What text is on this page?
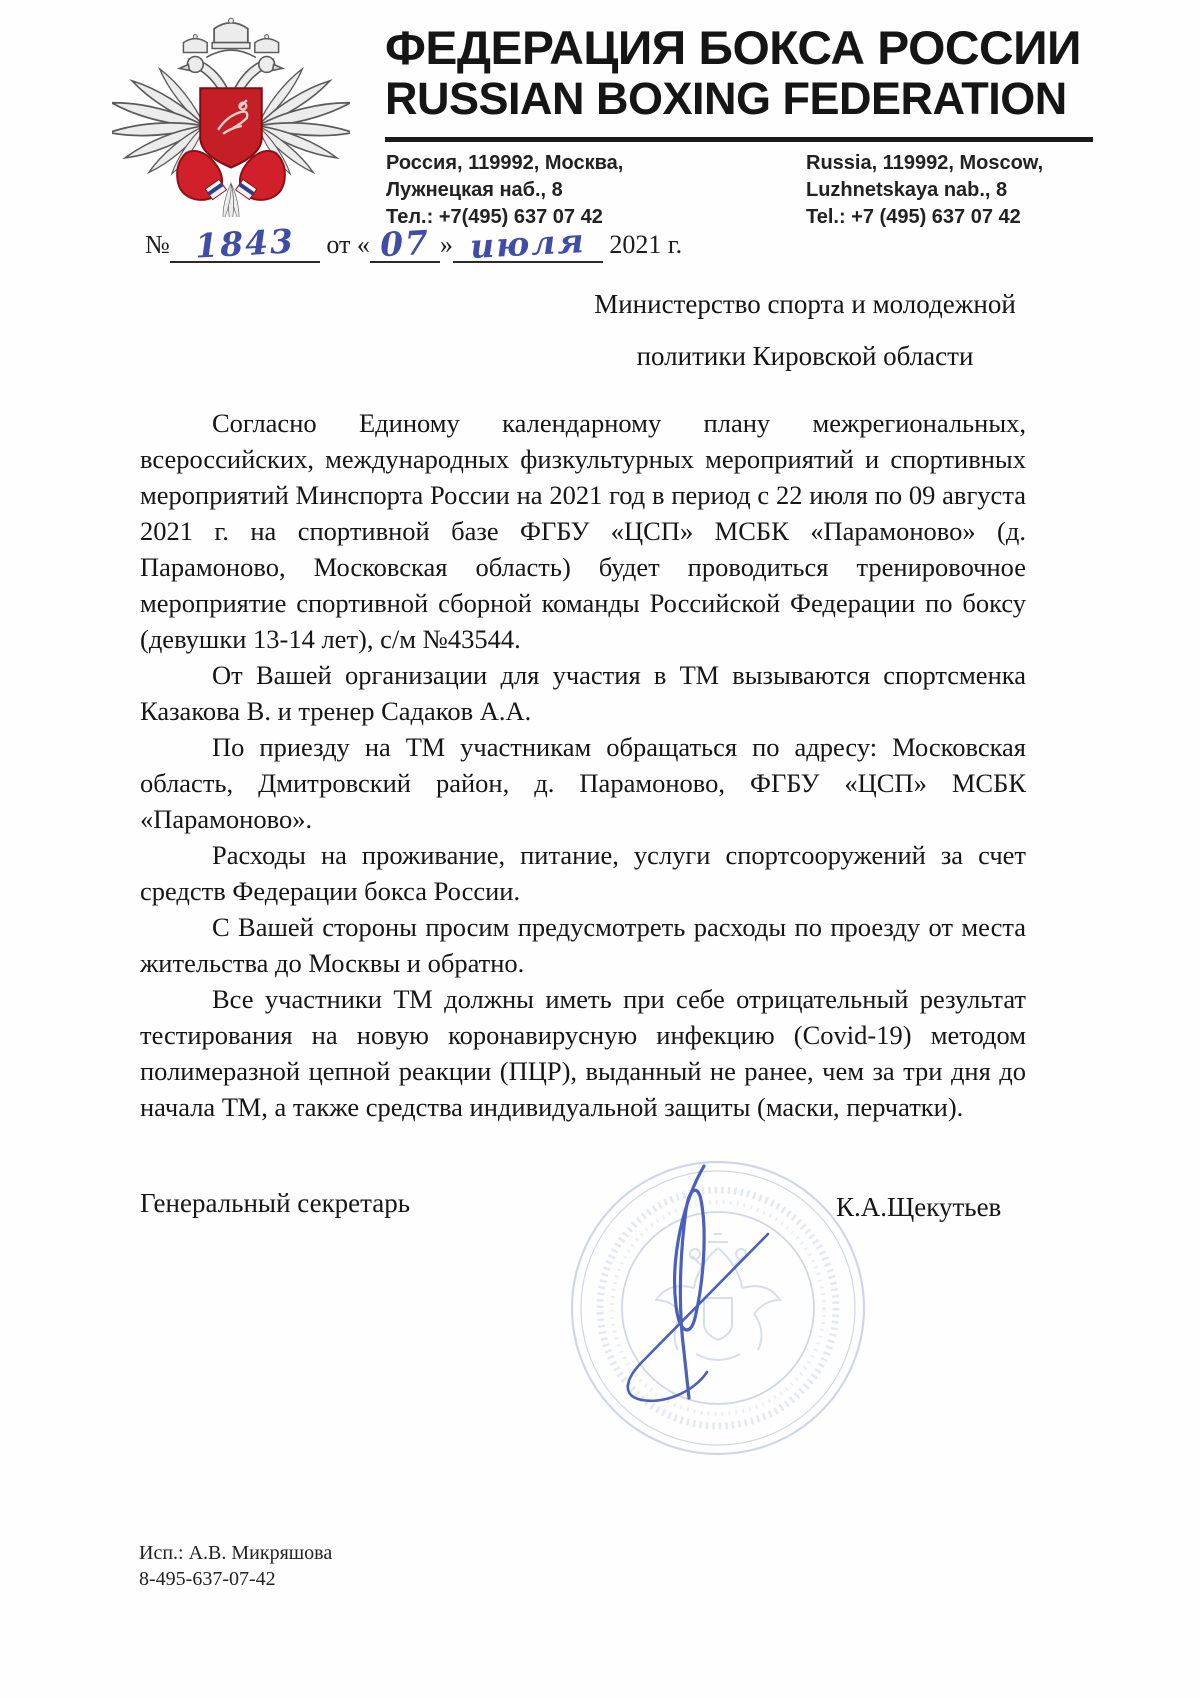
ФЕДЕРАЦИЯ БОКСА РОССИИ
RUSSIAN BOXING FEDERATION
Россия, 119992, Москва,
Лужнецкая наб., 8
Тел.: +7(495) 637 07 42
Russia, 119992, Moscow,
Luzhnetskaya nab., 8
Tel.: +7 (495) 637 07 42
№ 1843 от « 07 » июля 2021 г.
Министерство спорта и молодежной
политики Кировской области

Согласно Единому календарному плану межрегиональных, всероссийских, международных физкультурных мероприятий и спортивных мероприятий Минспорта России на 2021 год в период с 22 июля по 09 августа 2021 г. на спортивной базе ФГБУ «ЦСП» МСБК «Парамоново» (д. Парамоново, Московская область) будет проводиться тренировочное мероприятие спортивной сборной команды Российской Федерации по боксу (девушки 13-14 лет), с/м №43544.

От Вашей организации для участия в ТМ вызываются спортсменка Казакова В. и тренер Садаков А.А.

По приезду на ТМ участникам обращаться по адресу: Московская область, Дмитровский район, д. Парамоново, ФГБУ «ЦСП» МСБК «Парамоново».

Расходы на проживание, питание, услуги спортсооружений за счет средств Федерации бокса России.

С Вашей стороны просим предусмотреть расходы по проезду от места жительства до Москвы и обратно.

Все участники ТМ должны иметь при себе отрицательный результат тестирования на новую коронавирусную инфекцию (Covid-19) методом полимеразной цепной реакции (ПЦР), выданный не ранее, чем за три дня до начала ТМ, а также средства индивидуальной защиты (маски, перчатки).

Генеральный секретарь	К.А.Щекутьев
Исп.: А.В. Микряшова
8-495-637-07-42
